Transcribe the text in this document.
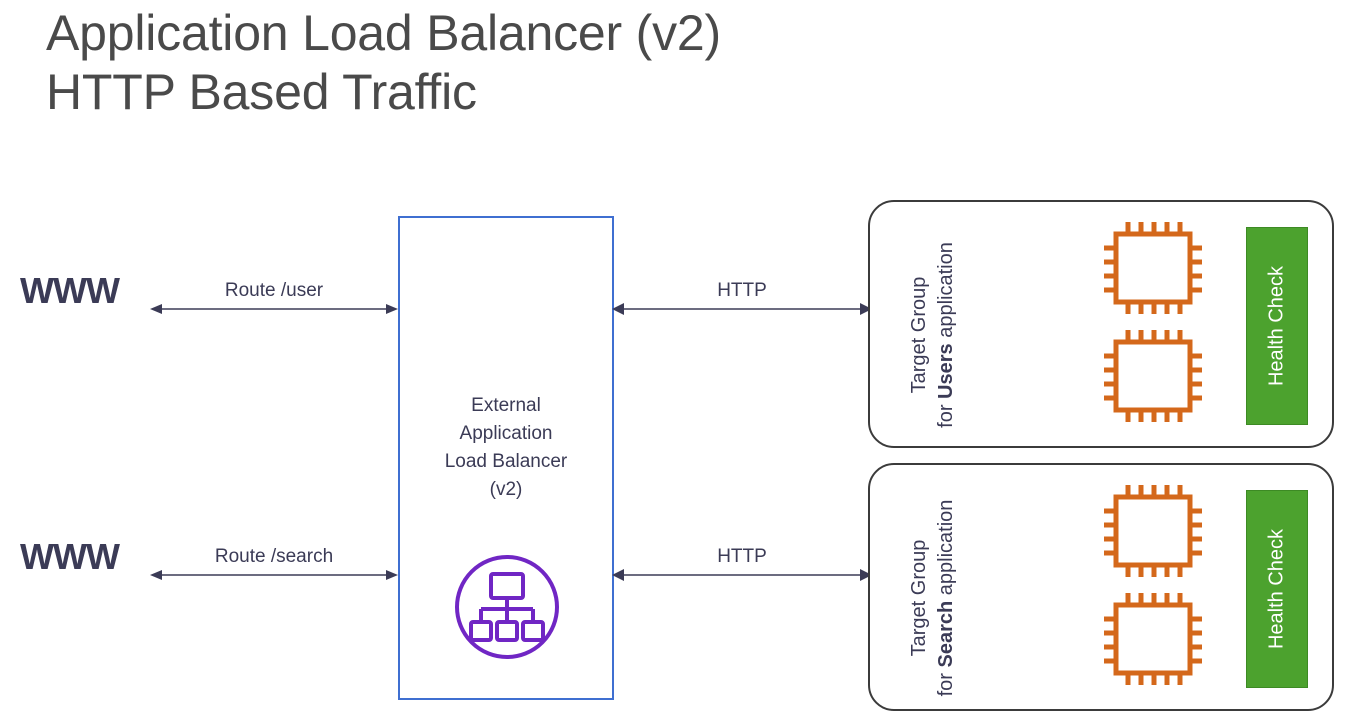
Application Load Balancer (v2)
HTTP Based Traffic
WWW
WWW
Route /user
Route /search
External
Application
Load Balancer
(v2)
HTTP
HTTP
Target Group
for Users application	Health Check
Target Group
for Search application	Health Check
